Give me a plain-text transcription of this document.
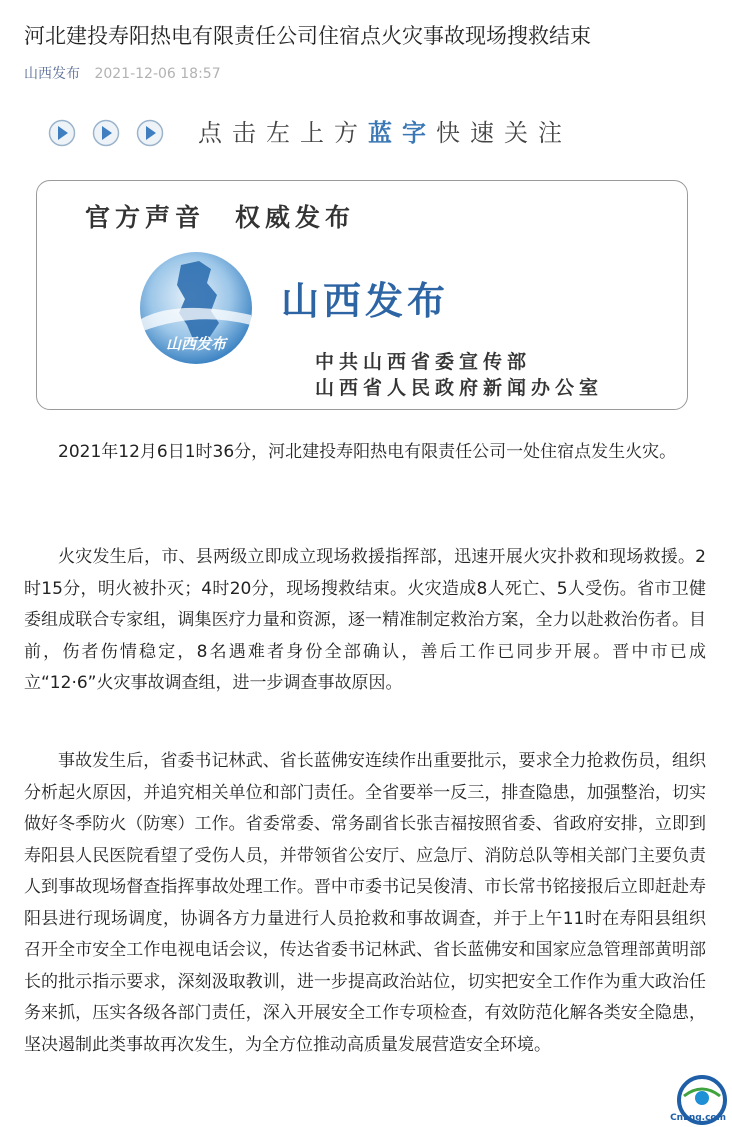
河北建投寿阳热电有限责任公司住宿点火灾事故现场搜救结束
山西发布 2021-12-06 18:57
点击左上方蓝字快速关注
官方声音　权威发布
山西发布
山西发布
中共山西省委宣传部
山西省人民政府新闻办公室

2021年12月6日1时36分，河北建投寿阳热电有限责任公司一处住宿点发生火灾。

火灾发生后，市、县两级立即成立现场救援指挥部，迅速开展火灾扑救和现场救援。2时15分，明火被扑灭；4时20分，现场搜救结束。火灾造成8人死亡、5人受伤。省市卫健委组成联合专家组，调集医疗力量和资源，逐一精准制定救治方案，全力以赴救治伤者。目前，伤者伤情稳定，8名遇难者身份全部确认，善后工作已同步开展。晋中市已成立“12·6”火灾事故调查组，进一步调查事故原因。

事故发生后，省委书记林武、省长蓝佛安连续作出重要批示，要求全力抢救伤员，组织分析起火原因，并追究相关单位和部门责任。全省要举一反三，排查隐患，加强整治，切实做好冬季防火（防寒）工作。省委常委、常务副省长张吉福按照省委、省政府安排，立即到寿阳县人民医院看望了受伤人员，并带领省公安厅、应急厅、消防总队等相关部门主要负责人到事故现场督查指挥事故处理工作。晋中市委书记吴俊清、市长常书铭接报后立即赶赴寿阳县进行现场调度，协调各方力量进行人员抢救和事故调查，并于上午11时在寿阳县组织召开全市安全工作电视电话会议，传达省委书记林武、省长蓝佛安和国家应急管理部黄明部长的批示指示要求，深刻汲取教训，进一步提高政治站位，切实把安全工作作为重大政治任务来抓，压实各级各部门责任，深入开展安全工作专项检查，有效防范化解各类安全隐患，坚决遏制此类事故再次发生，为全方位推动高质量发展营造安全环境。

蓝鲸
CnLng.com
